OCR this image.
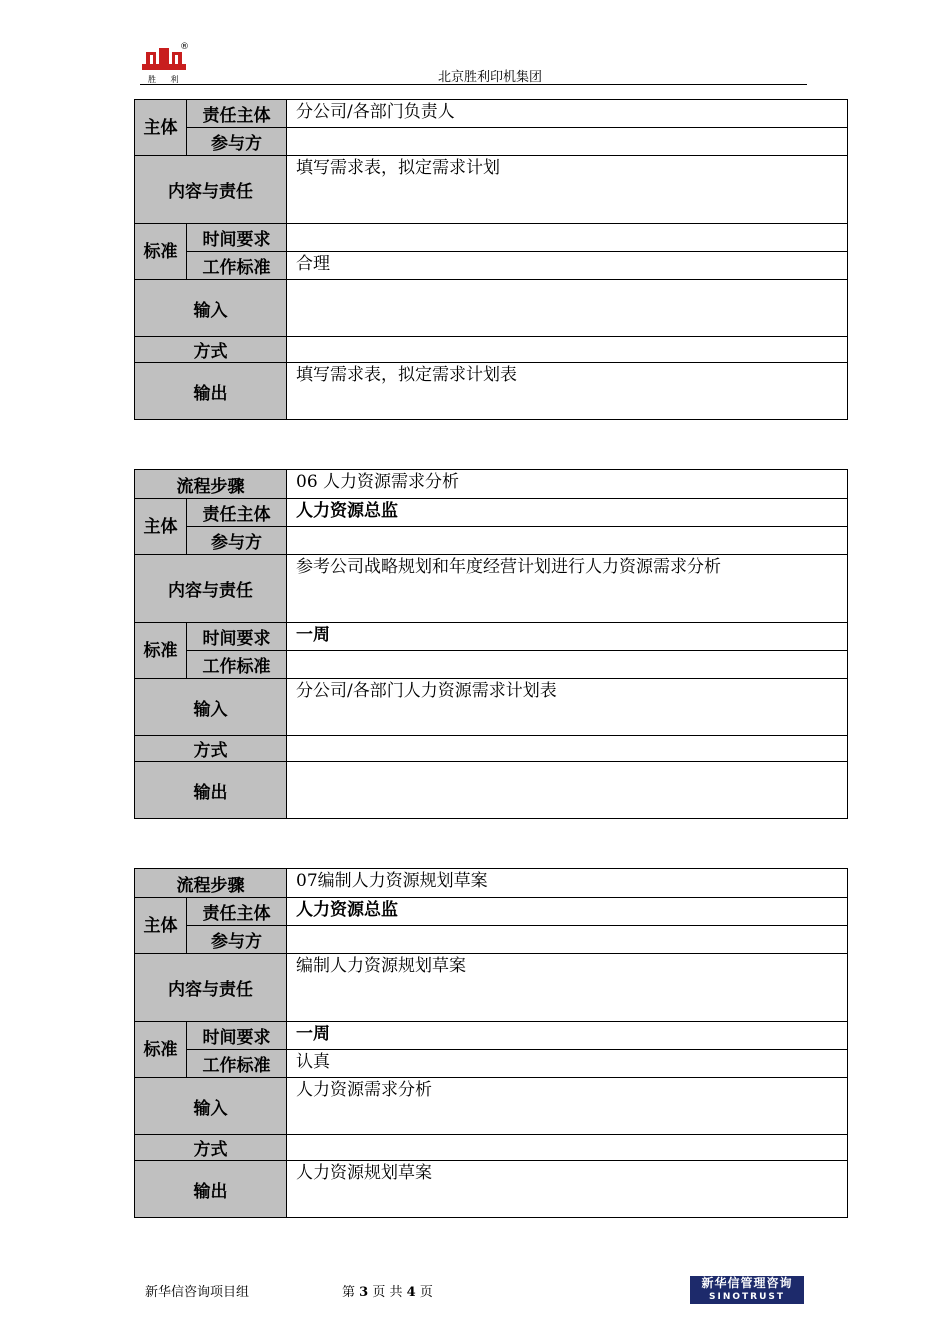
®
胜 利	北京胜利印机集团
主体	责任主体	分公司/各部门负责人
	参与方	
内容与责任		填写需求表，拟定需求计划
标准	时间要求	
	工作标准	合理
输入		
方式		
输出		填写需求表，拟定需求计划表
流程步骤		06 人力资源需求分析
主体	责任主体	人力资源总监
	参与方	
内容与责任		参考公司战略规划和年度经营计划进行人力资源需求分析
标准	时间要求	一周
	工作标准	
输入		分公司/各部门人力资源需求计划表
方式		
输出		
流程步骤		07编制人力资源规划草案
主体	责任主体	人力资源总监
	参与方	
内容与责任		编制人力资源规划草案
标准	时间要求	一周
	工作标准	认真
输入		人力资源需求分析
方式		
输出		人力资源规划草案
新华信咨询项目组	第 3 页 共 4 页
新华信管理咨询
SINOTRUST
